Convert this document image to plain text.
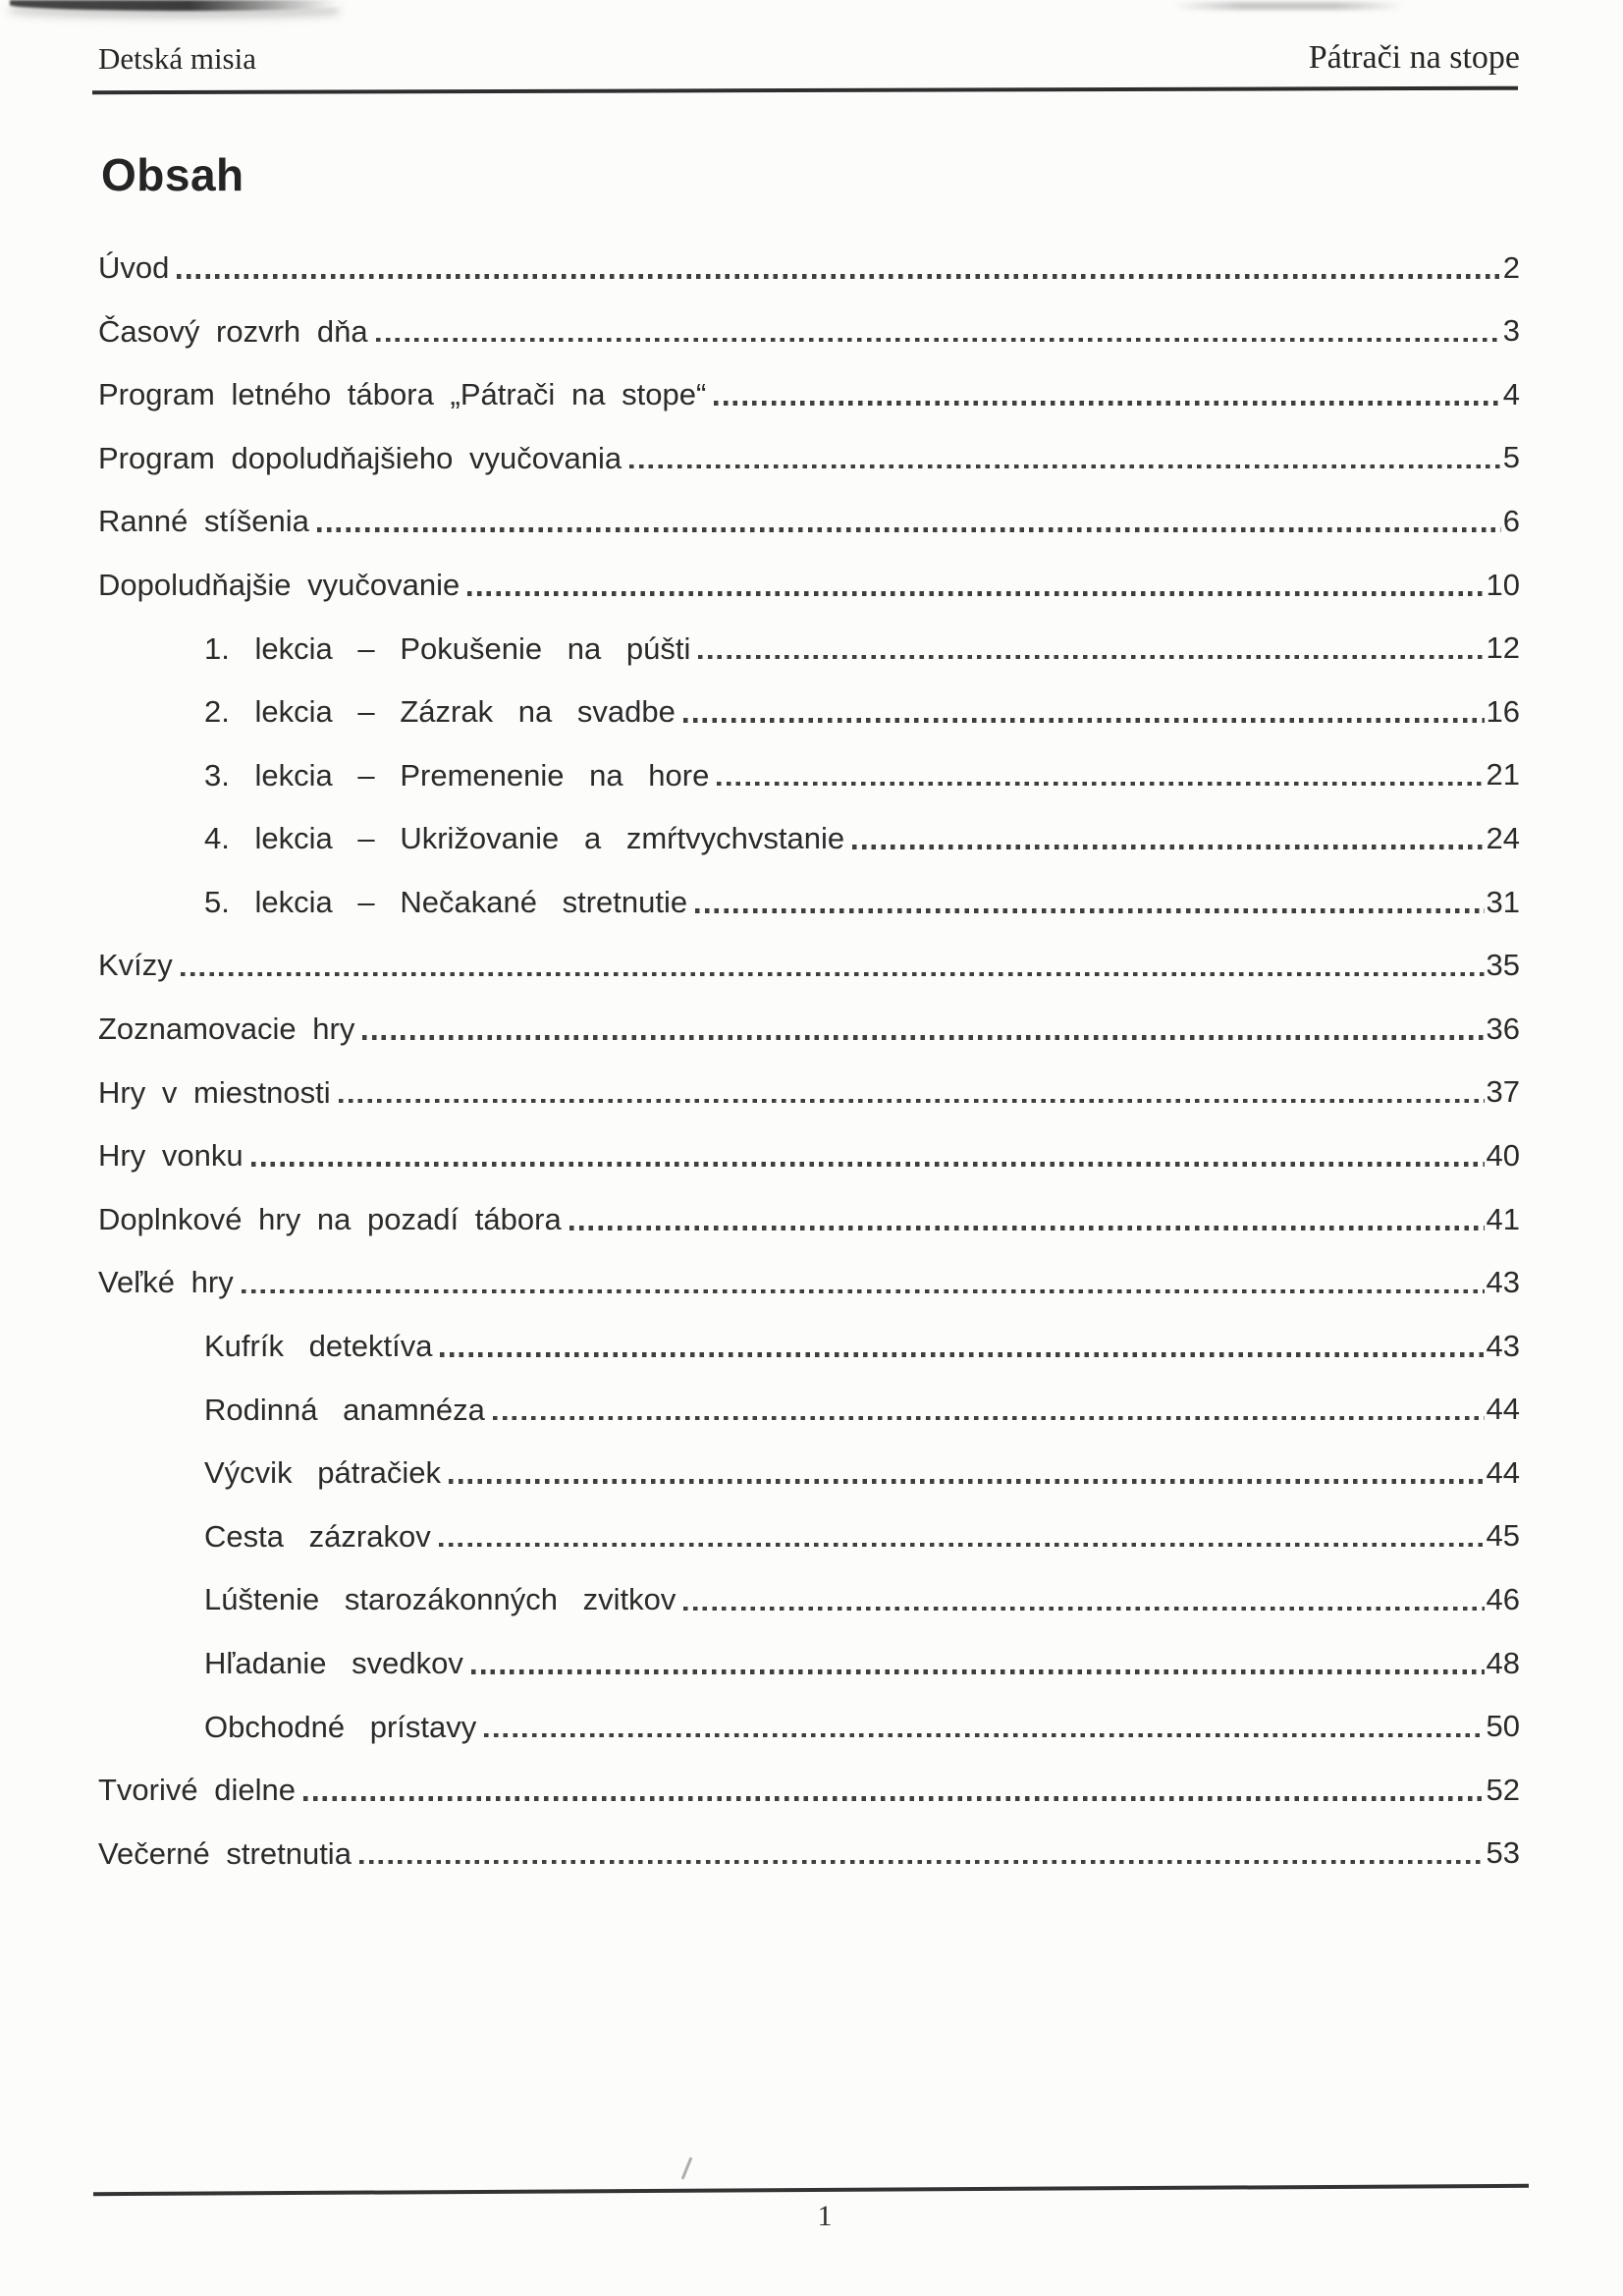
Detská misia	Pátrači na stope
Obsah
Úvod	2
Časový rozvrh dňa	3
Program letného tábora „Pátrači na stope“	4
Program dopoludňajšieho vyučovania	5
Ranné stíšenia	6
Dopoludňajšie vyučovanie	10
1. lekcia – Pokušenie na púšti	12
2. lekcia – Zázrak na svadbe	16
3. lekcia – Premenenie na hore	21
4. lekcia – Ukrižovanie a zmŕtvychvstanie	24
5. lekcia – Nečakané stretnutie	31
Kvízy	35
Zoznamovacie hry	36
Hry v miestnosti	37
Hry vonku	40
Doplnkové hry na pozadí tábora	41
Veľké hry	43
Kufrík detektíva	43
Rodinná anamnéza	44
Výcvik pátračiek	44
Cesta zázrakov	45
Lúštenie starozákonných zvitkov	46
Hľadanie svedkov	48
Obchodné prístavy	50
Tvorivé dielne	52
Večerné stretnutia	53
1
